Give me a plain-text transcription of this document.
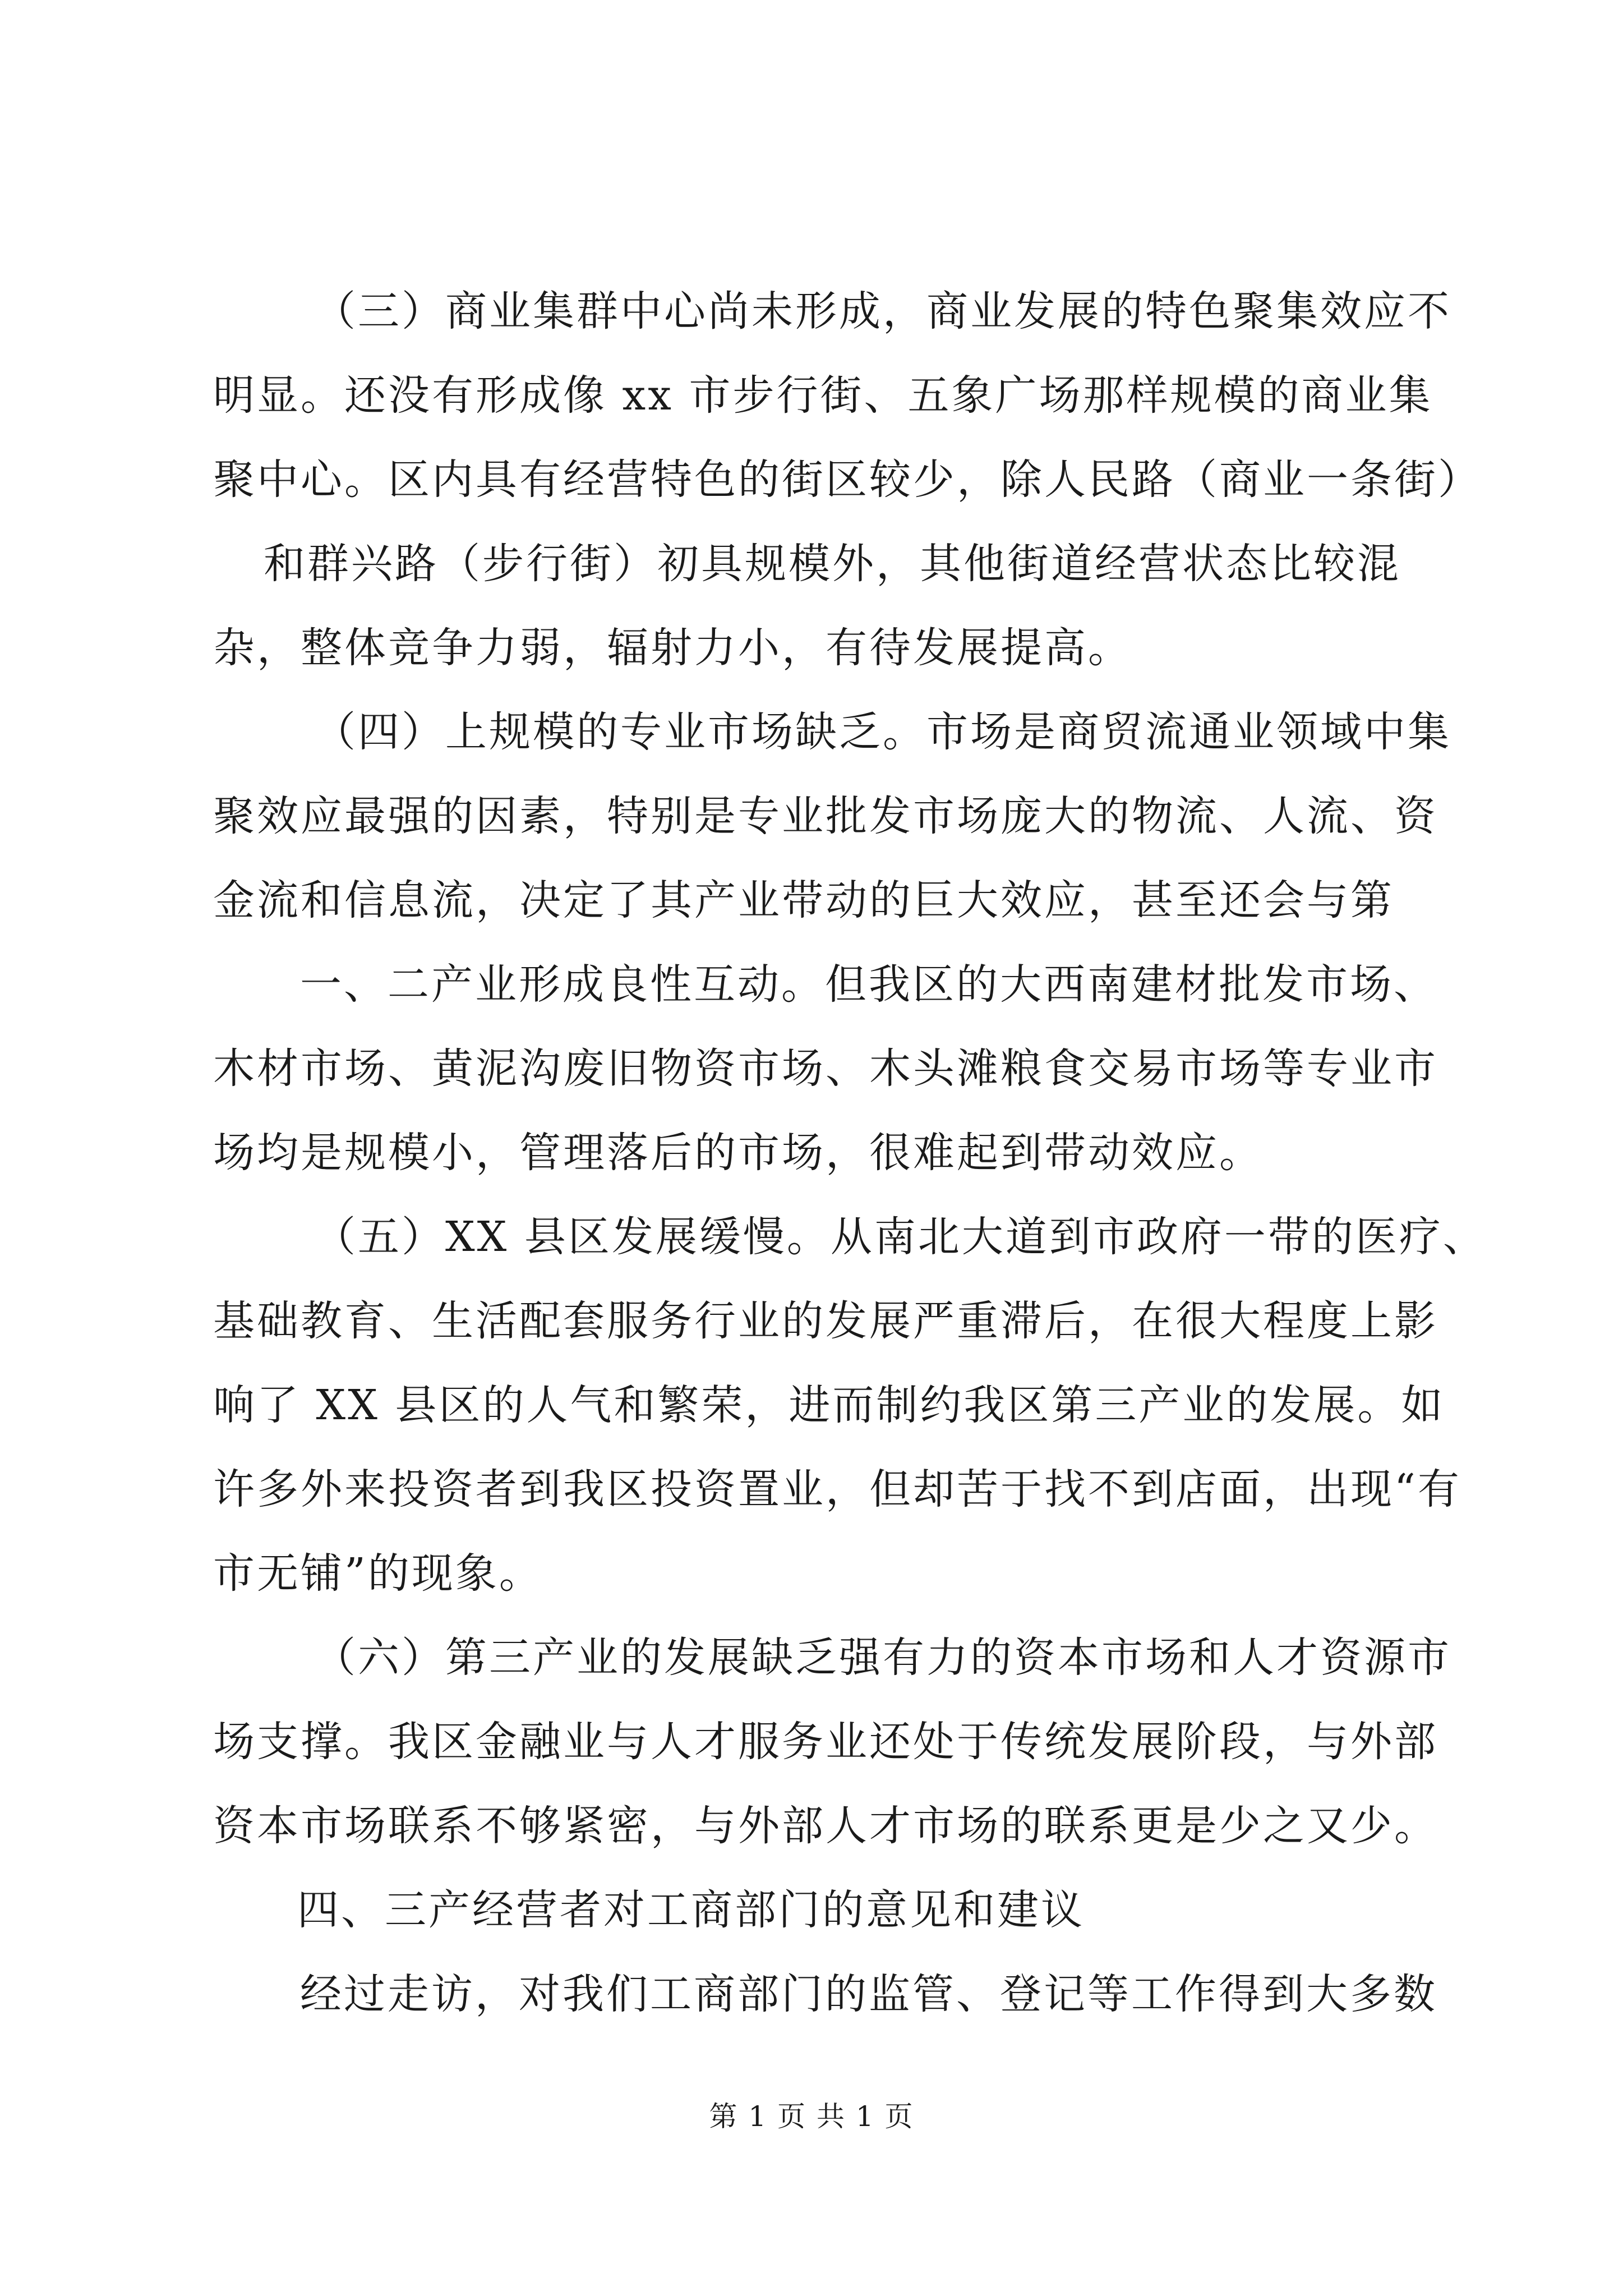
（三）商业集群中心尚未形成，商业发展的特色聚集效应不
明显。还没有形成像 xx 市步行街、五象广场那样规模的商业集
聚中心。区内具有经营特色的街区较少，除人民路（商业一条街）
和群兴路（步行街）初具规模外，其他街道经营状态比较混
杂，整体竞争力弱，辐射力小，有待发展提高。
（四）上规模的专业市场缺乏。市场是商贸流通业领域中集
聚效应最强的因素，特别是专业批发市场庞大的物流、人流、资
金流和信息流，决定了其产业带动的巨大效应，甚至还会与第
一、二产业形成良性互动。但我区的大西南建材批发市场、
木材市场、黄泥沟废旧物资市场、木头滩粮食交易市场等专业市
场均是规模小，管理落后的市场，很难起到带动效应。
（五）XX 县区发展缓慢。从南北大道到市政府一带的医疗、
基础教育、生活配套服务行业的发展严重滞后，在很大程度上影
响了 XX 县区的人气和繁荣，进而制约我区第三产业的发展。如
许多外来投资者到我区投资置业，但却苦于找不到店面，出现“有
市无铺”的现象。
（六）第三产业的发展缺乏强有力的资本市场和人才资源市
场支撑。我区金融业与人才服务业还处于传统发展阶段，与外部
资本市场联系不够紧密，与外部人才市场的联系更是少之又少。
四、三产经营者对工商部门的意见和建议
经过走访，对我们工商部门的监管、登记等工作得到大多数
第 1 页 共 1 页
